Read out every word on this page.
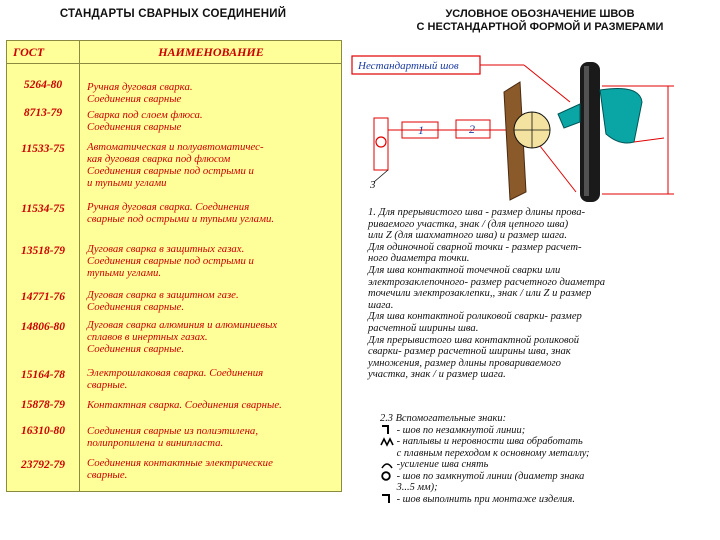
СТАНДАРТЫ СВАРНЫХ СОЕДИНЕНИЙ
ГОСТ	НАИМЕНОВАНИЕ
5264-80	Ручная дуговая сварка.
Соединения сварные
8713-79	Сварка под слоем флюса.
Соединения сварные
11533-75	Автоматическая и полуавтоматичес-
кая дуговая сварка под флюсом
Соединения сварные под острыми и
и тупыми углами
11534-75	Ручная дуговая сварка. Соединения
сварные под острыми и тупыми углами.
13518-79	Дуговая сварка в защитных газах.
Соединения сварные под острыми и
тупыми углами.
14771-76	Дуговая сварка в защитном газе.
Соединения сварные.
14806-80	Дуговая сварка алюминия и алюминиевых
сплавов в инертных газах.
Соединения сварные.
15164-78	Электрошлаковая сварка. Соединения
сварные.
15878-79	Контактная сварка. Соединения сварные.
16310-80	Соединения сварные из полиэтилена,
полипропилена и винипласта.
23792-79	Соединения контактные электрические
сварные.
УСЛОВНОЕ ОБОЗНАЧЕНИЕ ШВОВ
С НЕСТАНДАРТНОЙ ФОРМОЙ И РАЗМЕРАМИ
Нестандартный шов
1	2
3
1. Для прерывистого шва - размер длины прова-
риваемого участка, знак / (для цепного шва)
или Z (для шахматного шва) и размер шага.
Для одиночной сварной точки - размер расчет-
ного диаметра точки.
Для шва контактной точечной сварки или
электрозаклепочного- размер расчетного диаметра
точечили электрозаклепки,, знак / или Z и размер
шага.
Для шва контактной роликовой сварки- размер
расчетной ширины шва.
Для прерывистого шва контактной роликовой
сварки- размер расчетной ширины шва, знак
умножения, размер длины провариваемого
участка, знак / и размер шага.
2.3 Вспомогательные знаки:
- шов по незамкнутой линии;
- наплывы и неровности шва обработать
с плавным переходом к основному металлу;
-усиление шва снять
- шов по замкнутой линии (диаметр знака
3...5 мм);
- шов выполнить при монтаже изделия.
